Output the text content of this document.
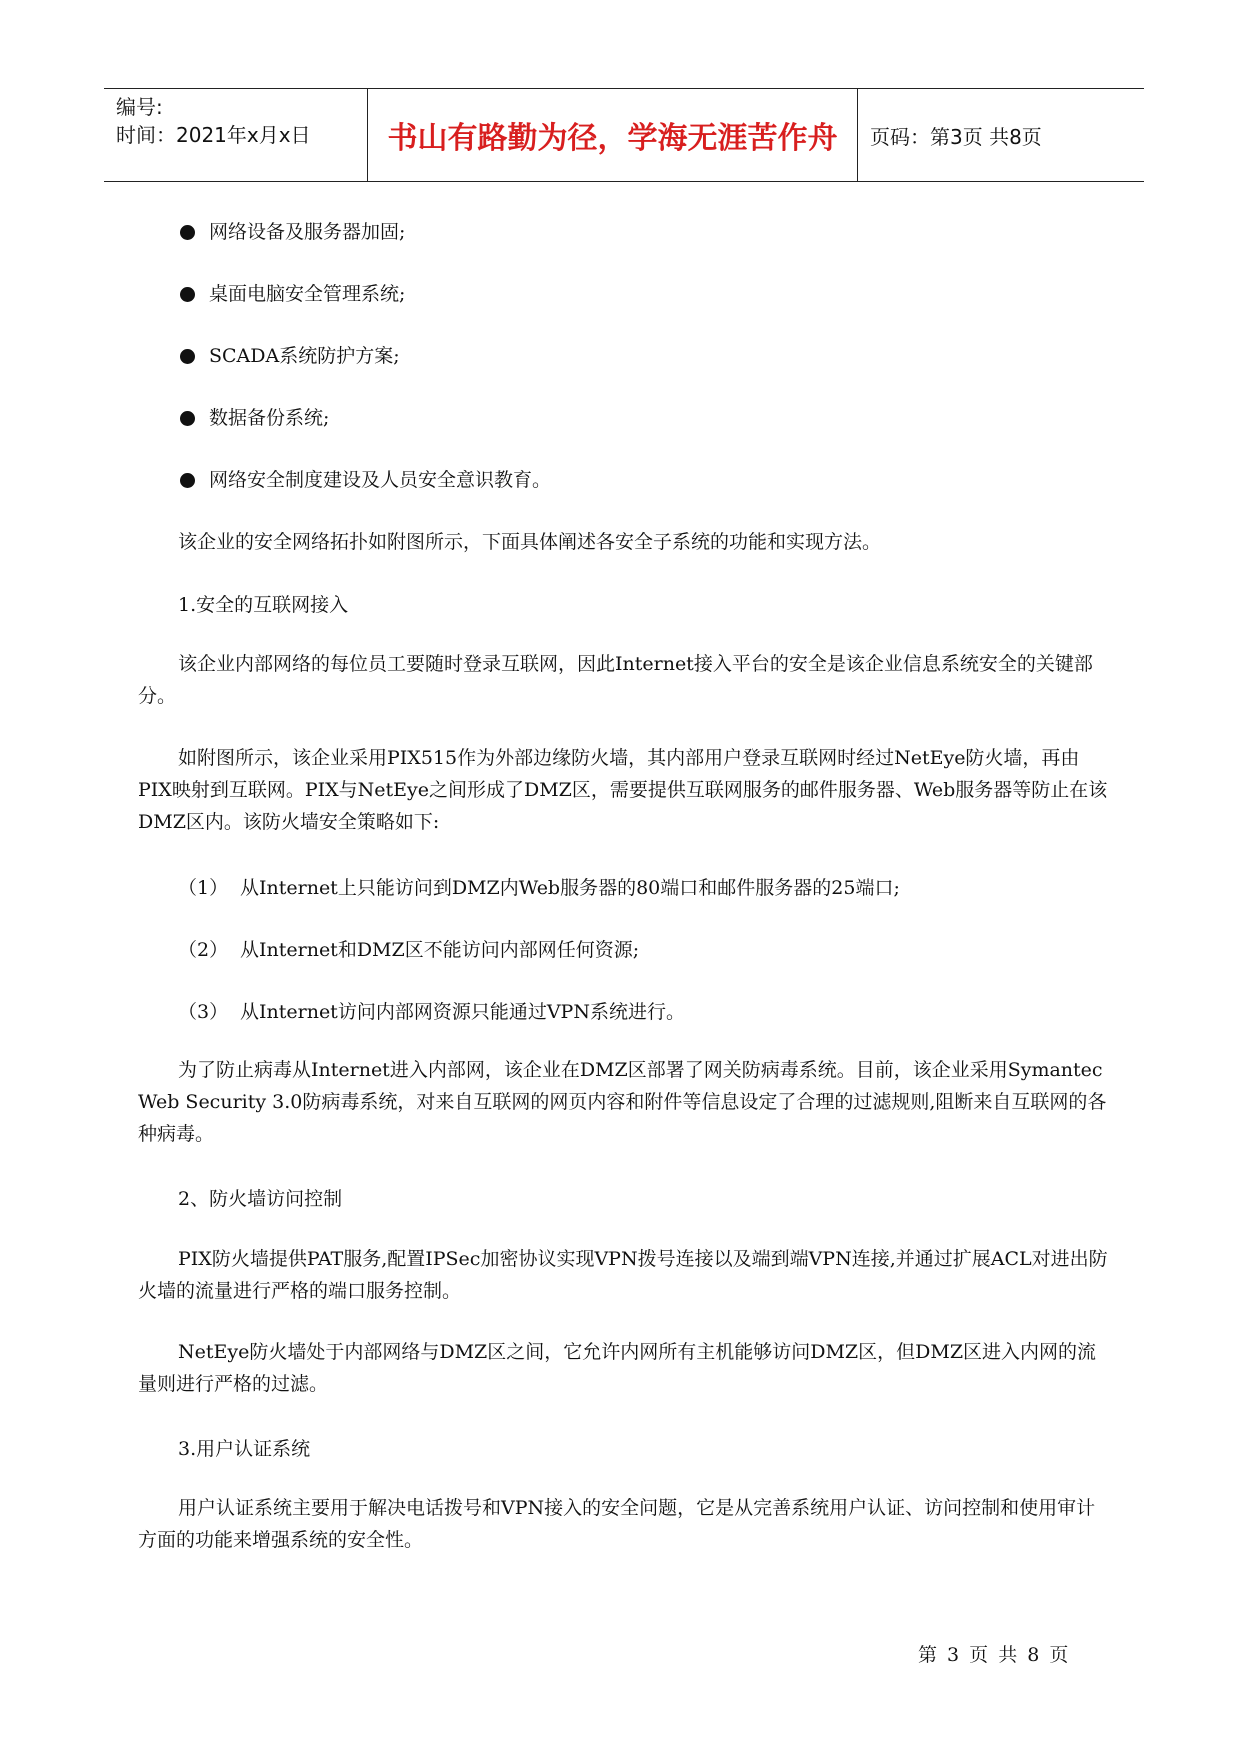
编号:
时间：2021年x月x日	书山有路勤为径，学海无涯苦作舟	页码：第3页 共8页
网络设备及服务器加固;
桌面电脑安全管理系统;
SCADA系统防护方案;
数据备份系统;
网络安全制度建设及人员安全意识教育。

该企业的安全网络拓扑如附图所示，下面具体阐述各安全子系统的功能和实现方法。

1.安全的互联网接入

该企业内部网络的每位员工要随时登录互联网，因此Internet接入平台的安全是该企业信息系统安全的关键部分。

如附图所示，该企业采用PIX515作为外部边缘防火墙，其内部用户登录互联网时经过NetEye防火墙，再由PIX映射到互联网。PIX与NetEye之间形成了DMZ区，需要提供互联网服务的邮件服务器、Web服务器等防止在该DMZ区内。该防火墙安全策略如下:

（1） 从Internet上只能访问到DMZ内Web服务器的80端口和邮件服务器的25端口;

（2） 从Internet和DMZ区不能访问内部网任何资源;

（3） 从Internet访问内部网资源只能通过VPN系统进行。

为了防止病毒从Internet进入内部网，该企业在DMZ区部署了网关防病毒系统。目前，该企业采用Symantec Web Security 3.0防病毒系统，对来自互联网的网页内容和附件等信息设定了合理的过滤规则,阻断来自互联网的各种病毒。

2、防火墙访问控制

PIX防火墙提供PAT服务,配置IPSec加密协议实现VPN拨号连接以及端到端VPN连接,并通过扩展ACL对进出防火墙的流量进行严格的端口服务控制。

NetEye防火墙处于内部网络与DMZ区之间，它允许内网所有主机能够访问DMZ区，但DMZ区进入内网的流量则进行严格的过滤。

3.用户认证系统

用户认证系统主要用于解决电话拨号和VPN接入的安全问题，它是从完善系统用户认证、访问控制和使用审计方面的功能来增强系统的安全性。

第 3 页 共 8 页
